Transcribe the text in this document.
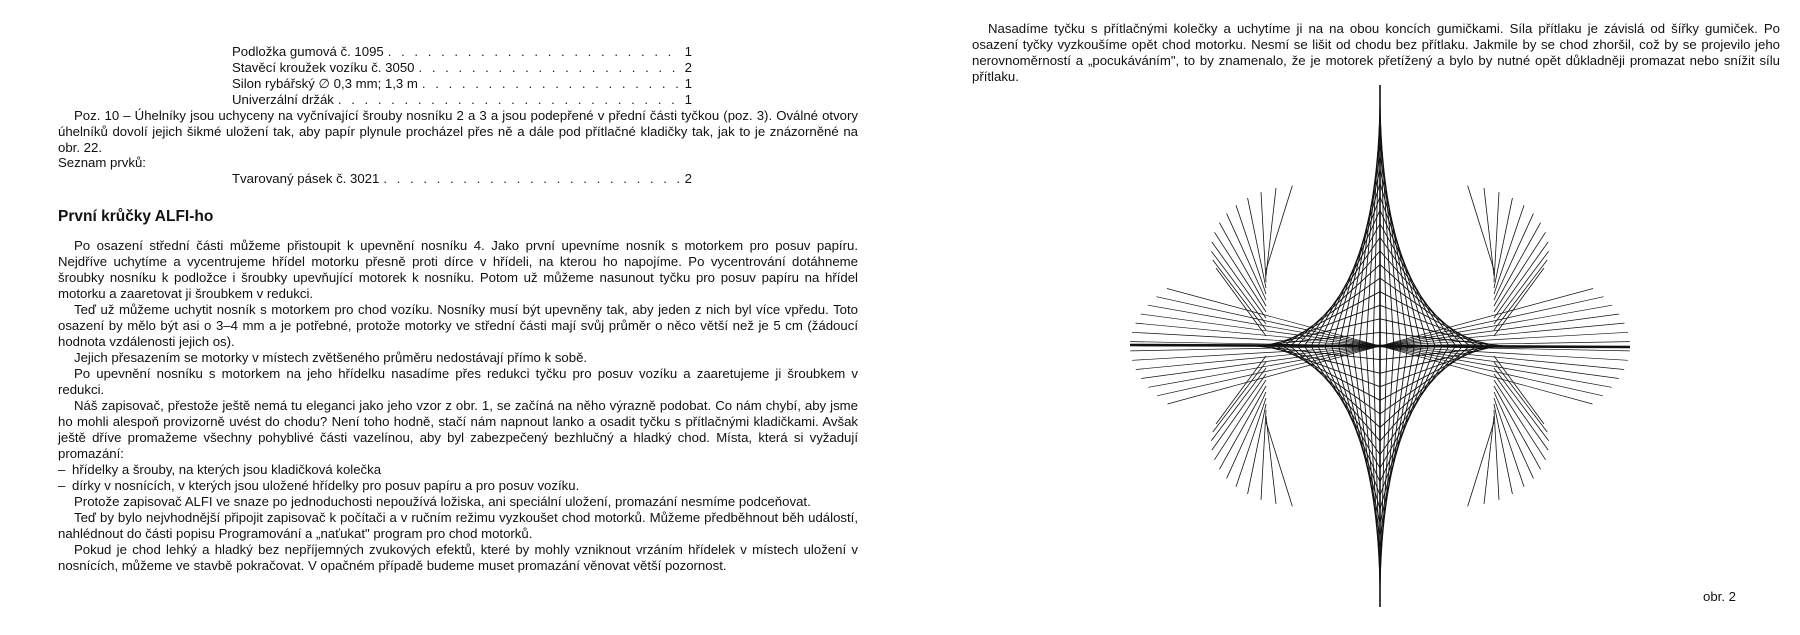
Podložka gumová č. 1095 . . .	1
Stavěcí kroužek vozíku č. 3050 . . .	2
Silon rybářský ∅ 0,3 mm; 1,3 m . . .	1
Univerzální držák . . .	1

Poz. 10 – Úhelníky jsou uchyceny na vyčnívající šrouby nosníku 2 a 3 a jsou podepřené v přední části tyčkou (poz. 3). Oválné otvory úhelníků dovolí jejich šikmé uložení tak, aby papír plynule procházel přes ně a dále pod přítlačné kladičky tak, jak to je znázorněné na obr. 22.

Seznam prvků:
Tvarovaný pásek č. 3021 . . .	2
První krůčky ALFI-ho

Po osazení střední části můžeme přistoupit k upevnění nosníku 4. Jako první upevníme nosník s motorkem pro posuv papíru. Nejdříve uchytíme a vycentrujeme hřídel motorku přesně proti dírce v hřídeli, na kterou ho napojíme. Po vycentrování dotáhneme šroubky nosníku k podložce i šroubky upevňující motorek k nosníku. Potom už můžeme nasunout tyčku pro posuv papíru na hřídel motorku a zaaretovat ji šroubkem v redukci.

Teď už můžeme uchytit nosník s motorkem pro chod vozíku. Nosníky musí být upevněny tak, aby jeden z nich byl více vpředu. Toto osazení by mělo být asi o 3–4 mm a je potřebné, protože motorky ve střední části mají svůj průměr o něco větší než je 5 cm (žádoucí hodnota vzdálenosti jejich os).

Jejich přesazením se motorky v místech zvětšeného průměru nedostávají přímo k sobě.

Po upevnění nosníku s motorkem na jeho hřídelku nasadíme přes redukci tyčku pro posuv vozíku a zaaretujeme ji šroubkem v redukci.

Náš zapisovač, přestože ještě nemá tu eleganci jako jeho vzor z obr. 1, se začíná na něho výrazně podobat. Co nám chybí, aby jsme ho mohli alespoň provizorně uvést do chodu? Není toho hodně, stačí nám napnout lanko a osadit tyčku s přítlačnými kladičkami. Avšak ještě dříve promažeme všechny pohyblivé části vazelínou, aby byl zabezpečený bezhlučný a hladký chod. Místa, která si vyžadují promazání:

– hřídelky a šrouby, na kterých jsou kladičková kolečka

– dírky v nosnících, v kterých jsou uložené hřídelky pro posuv papíru a pro posuv vozíku.

Protože zapisovač ALFI ve snaze po jednoduchosti nepoužívá ložiska, ani speciální uložení, promazání nesmíme podceňovat.

Teď by bylo nejvhodnější připojit zapisovač k počítači a v ručním režimu vyzkoušet chod motorků. Můžeme předběhnout běh událostí, nahlédnout do části popisu Programování a „naťukat" program pro chod motorků.

Pokud je chod lehký a hladký bez nepříjemných zvukových efektů, které by mohly vzniknout vrzáním hřídelek v místech uložení v nosnících, můžeme ve stavbě pokračovat. V opačném případě budeme muset promazání věnovat větší pozornost.

Nasadíme tyčku s přítlačnými kolečky a uchytíme ji na na obou koncích gumičkami. Síla přítlaku je závislá od šířky gumiček. Po osazení tyčky vyzkoušíme opět chod motorku. Nesmí se lišit od chodu bez přítlaku. Jakmile by se chod zhoršil, což by se projevilo jeho nerovnoměrností a „pocukáváním", to by znamenalo, že je motorek přetížený a bylo by nutné opět důkladněji promazat nebo snížit sílu přítlaku.

obr. 2
